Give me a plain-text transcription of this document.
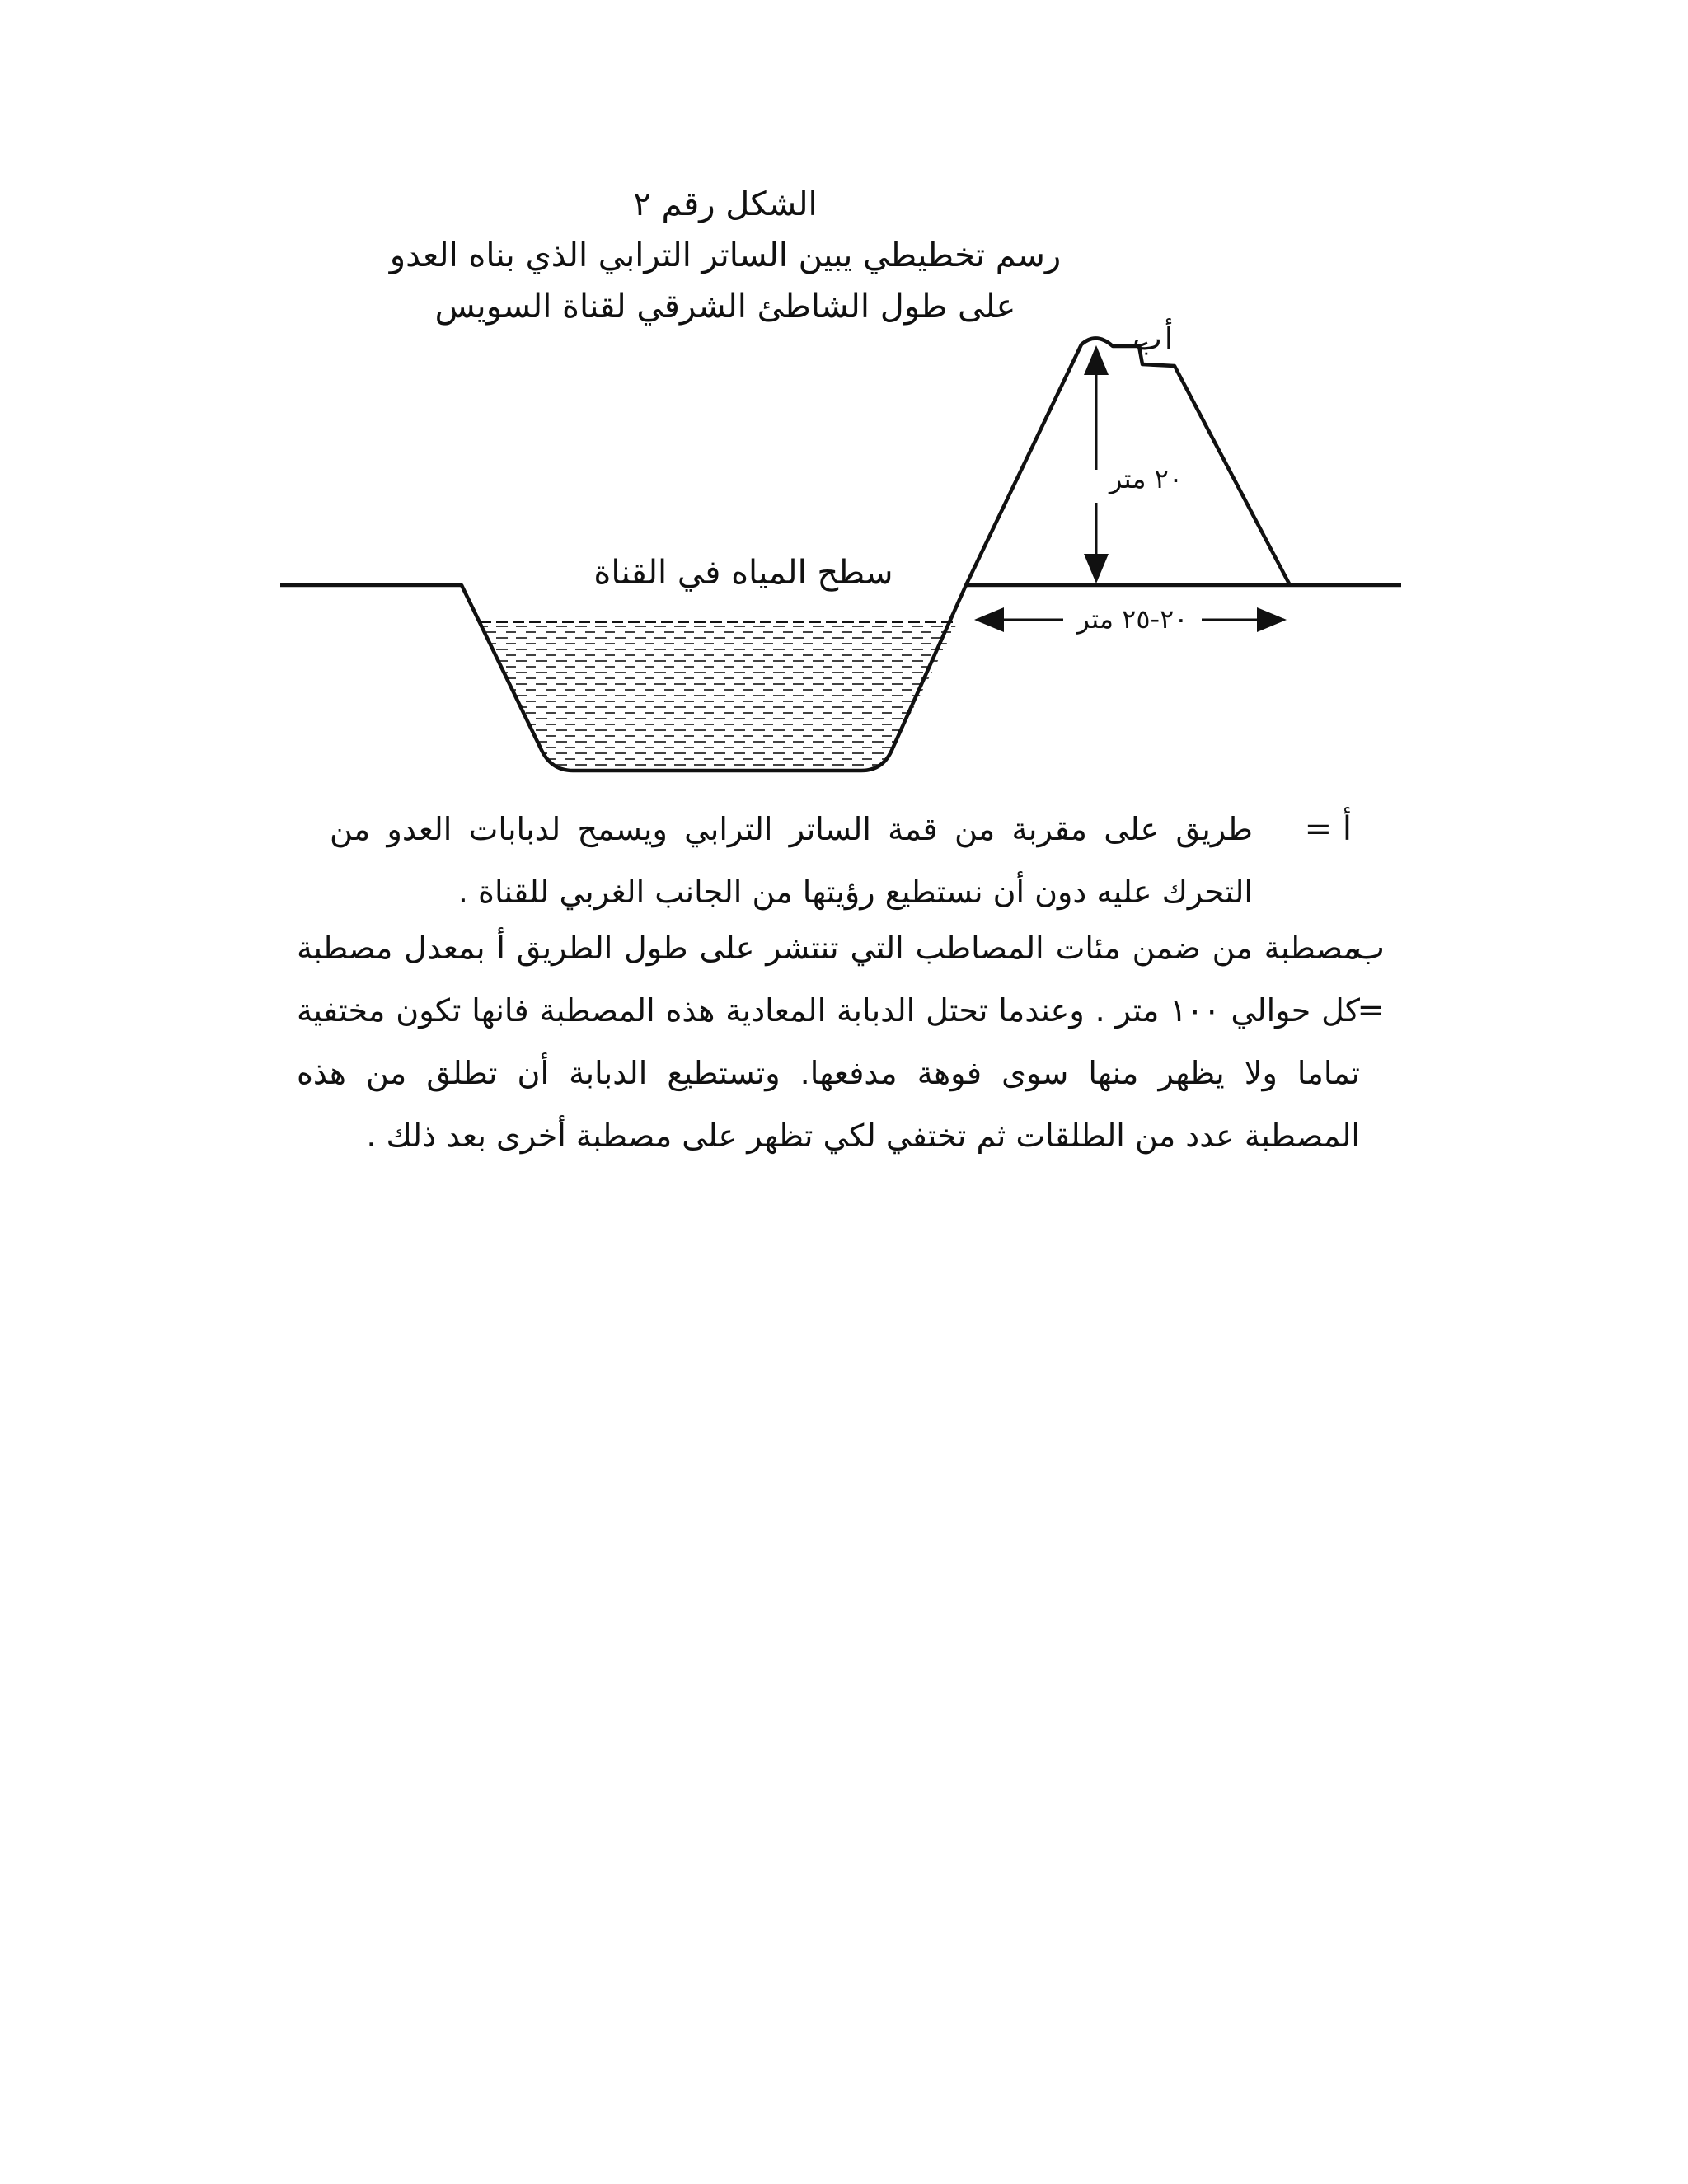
الشكل رقم ٢
رسم تخطيطي يبين الساتر الترابي الذي بناه العدو
على طول الشاطئ الشرقي لقناة السويس
٢٠ متر
٢٠-٢٥ متر
سطح المياه في القناة
أ
ب
أ =
طريق على مقربة من قمة الساتر الترابي ويسمح لدبابات العدو من التحرك عليه دون أن نستطيع رؤيتها من الجانب الغربي للقناة .
ب =
مصطبة من ضمن مئات المصاطب التي تنتشر على طول الطريق أ بمعدل مصطبة كل حوالي ١٠٠ متر . وعندما تحتل الدبابة المعادية هذه المصطبة فانها تكون مختفية تماما ولا يظهر منها سوى فوهة مدفعها. وتستطيع الدبابة أن تطلق من هذه المصطبة عدد من الطلقات ثم تختفي لكي تظهر على مصطبة أخرى بعد ذلك .
